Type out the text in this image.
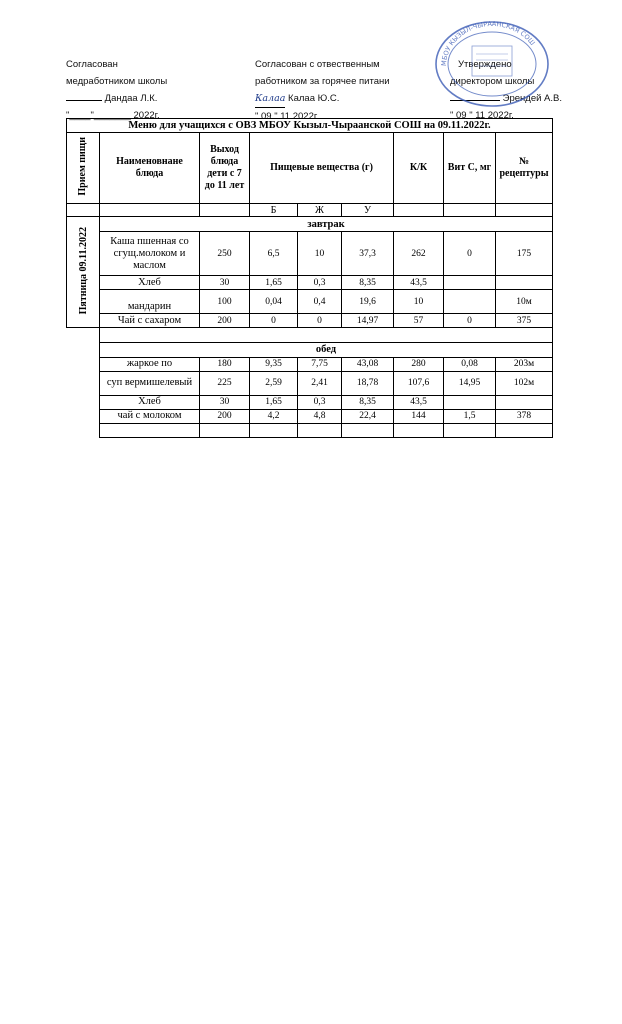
Согласован
медработником школы
Дандаа Л.К.
"____"_______ 2022г.
Согласован с отвественным
работником за горячее питани
Калаа Калаа Ю.С.
" 09 " 11 2022г.
Утверждено
директором школы
Эрендей А.В.
" 09 " 11 2022г.
МБОУ КЫЗЫЛ-ЧЫРААНСКАЯ СОШ
Меню для учащихся с ОВЗ МБОУ Кызыл-Чыраанской СОШ на 09.11.2022г.								
Прием пищи	Наименовнане блюда	Выход блюда дети с 7 до 11 лет	Пищевые вещества (г)			К/К	Вит С, мг	№ рецептуры
			Б	Ж	У			
Пятница 09.11.2022	завтрак							
	Каша пшенная со сгущ.молоком и маслом	250	6,5	10	37,3	262	0	175
	Хлеб	30	1,65	0,3	8,35	43,5		
	мандарин	100	0,04	0,4	19,6	10		10м
	Чай с сахаром	200	0	0	14,97	57	0	375

	обед							
	жаркое по	180	9,35	7,75	43,08	280	0,08	203м
	суп вермишелевый	225	2,59	2,41	18,78	107,6	14,95	102м
	Хлеб	30	1,65	0,3	8,35	43,5		
	чай с молоком	200	4,2	4,8	22,4	144	1,5	378
